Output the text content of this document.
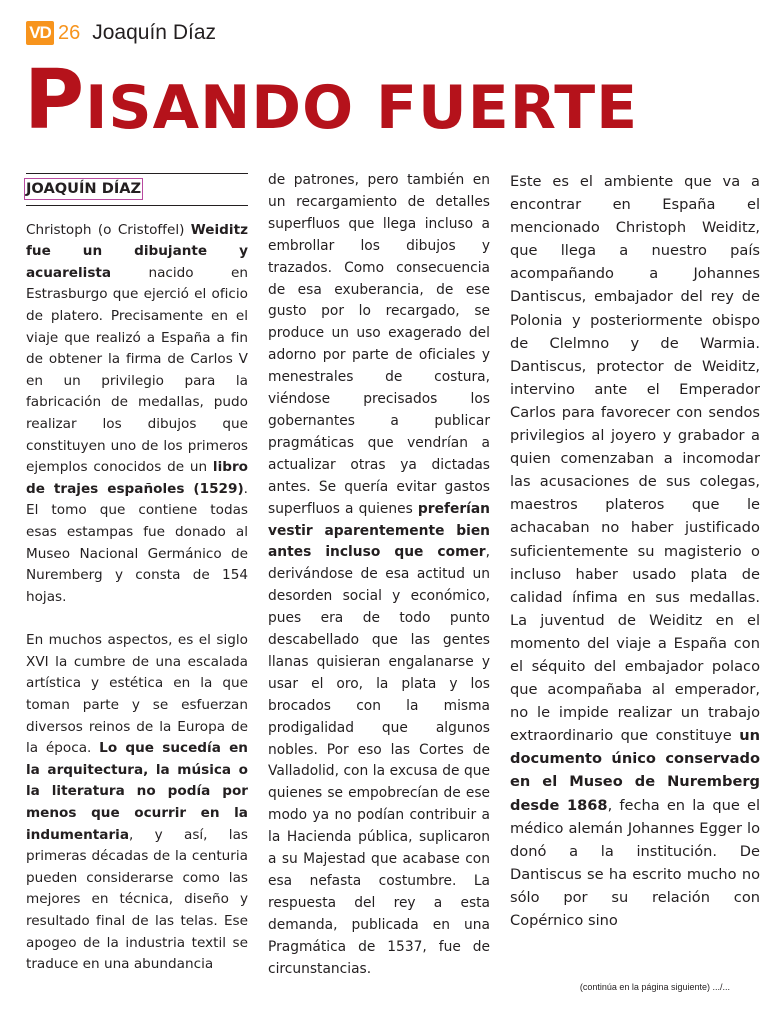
VD 26 Joaquín Díaz
PISANDO FUERTE
JOAQUÍN DÍAZ

Christoph (o Cristoffel) Weiditz fue un dibujante y acuarelista nacido en Estrasburgo que ejerció el oficio de platero. Precisamente en el viaje que realizó a España a fin de obtener la firma de Carlos V en un privilegio para la fabricación de medallas, pudo realizar los dibujos que constituyen uno de los primeros ejemplos conocidos de un libro de trajes españoles (1529). El tomo que contiene todas esas estampas fue donado al Museo Nacional Germánico de Nuremberg y consta de 154 hojas.

En muchos aspectos, es el siglo XVI la cumbre de una escalada artística y estética en la que toman parte y se esfuerzan diversos reinos de la Europa de la época. Lo que sucedía en la arquitectura, la música o la literatura no podía por menos que ocurrir en la indumentaria, y así, las primeras décadas de la centuria pueden considerarse como las mejores en técnica, diseño y resultado final de las telas. Ese apogeo de la industria textil se traduce en una abundancia

de patrones, pero también en un recargamiento de detalles superfluos que llega incluso a embrollar los dibujos y trazados. Como consecuencia de esa exuberancia, de ese gusto por lo recargado, se produce un uso exagerado del adorno por parte de oficiales y menestrales de costura, viéndose precisados los gobernantes a publicar pragmáticas que vendrían a actualizar otras ya dictadas antes. Se quería evitar gastos superfluos a quienes preferían vestir aparentemente bien antes incluso que comer, derivándose de esa actitud un desorden social y económico, pues era de todo punto descabellado que las gentes llanas quisieran engalanarse y usar el oro, la plata y los brocados con la misma prodigalidad que algunos nobles. Por eso las Cortes de Valladolid, con la excusa de que quienes se empobrecían de ese modo ya no podían contribuir a la Hacienda pública, suplicaron a su Majestad que acabase con esa nefasta costumbre. La respuesta del rey a esta demanda, publicada en una Pragmática de 1537, fue de circunstancias.

Este es el ambiente que va a encontrar en España el mencionado Christoph Weiditz, que llega a nuestro país acompañando a Johannes Dantiscus, embajador del rey de Polonia y posteriormente obispo de Clelmno y de Warmia. Dantiscus, protector de Weiditz, intervino ante el Emperador Carlos para favorecer con sendos privilegios al joyero y grabador a quien comenzaban a incomodar las acusaciones de sus colegas, maestros plateros que le achacaban no haber justificado suficientemente su magisterio o incluso haber usado plata de calidad ínfima en sus medallas. La juventud de Weiditz en el momento del viaje a España con el séquito del embajador polaco que acompañaba al emperador, no le impide realizar un trabajo extraordinario que constituye un documento único conservado en el Museo de Nuremberg desde 1868, fecha en la que el médico alemán Johannes Egger lo donó a la institución. De Dantiscus se ha escrito mucho no sólo por su relación con Copérnico sino

(continúa en la página siguiente) .../...
